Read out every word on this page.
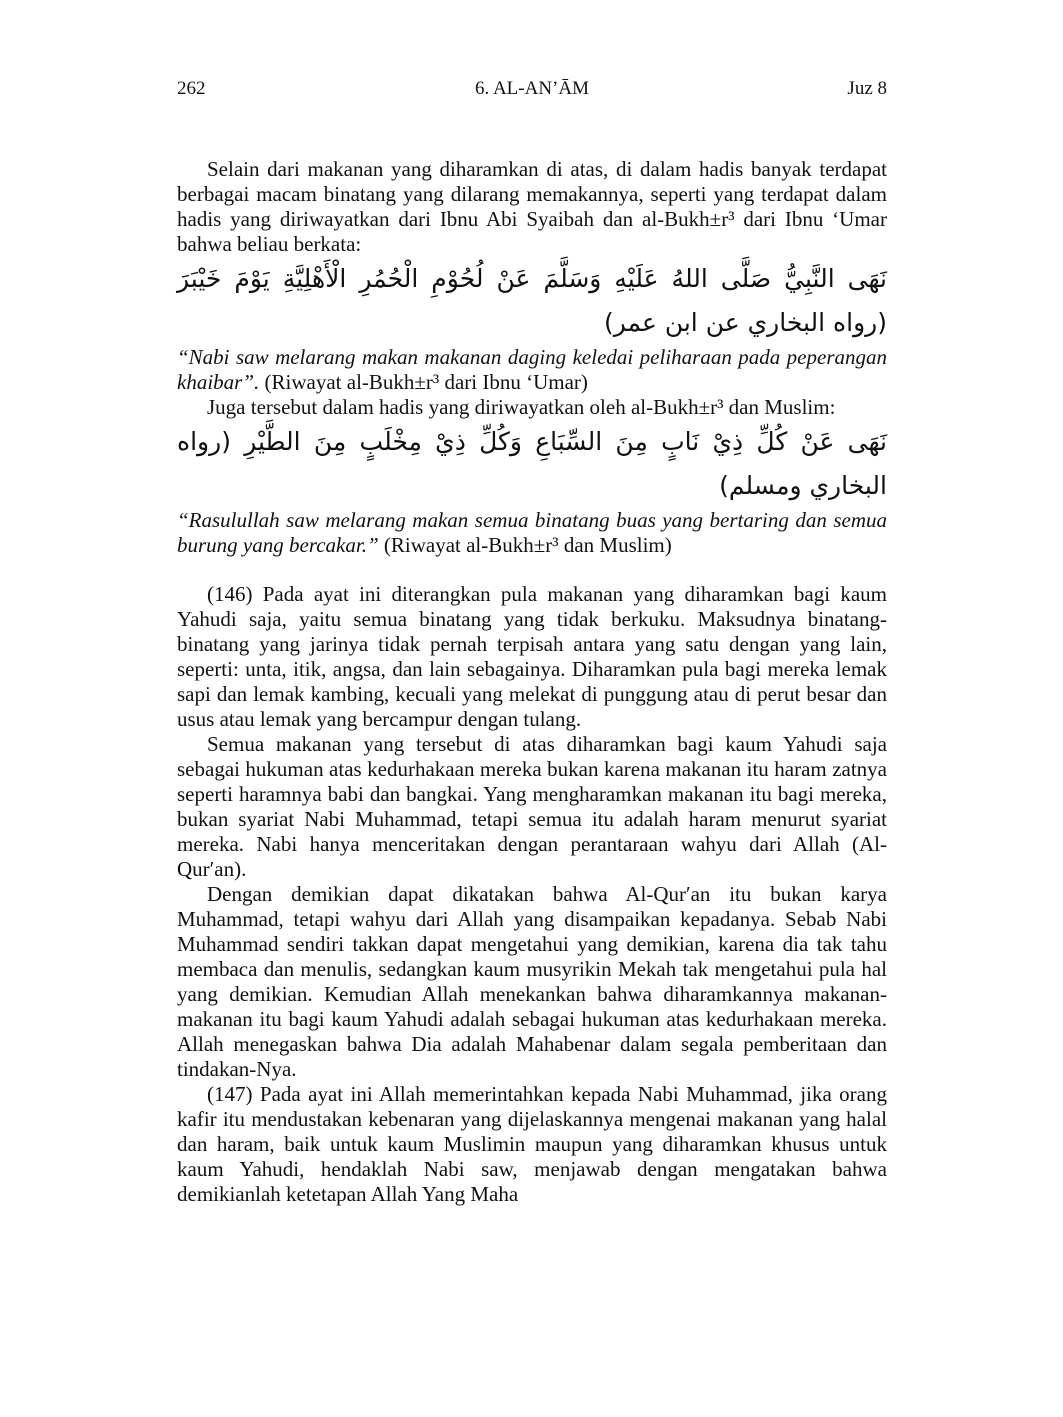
262	6. AL-AN’ĀM	Juz 8

Selain dari makanan yang diharamkan di atas, di dalam hadis banyak terdapat berbagai macam binatang yang dilarang memakannya, seperti yang terdapat dalam hadis yang diriwayatkan dari Ibnu Abi Syaibah dan al-Bukh±r³ dari Ibnu ‘Umar bahwa beliau berkata:

نَهَى النَّبِيُّ صَلَّى اللهُ عَلَيْهِ وَسَلَّمَ عَنْ لُحُوْمِ الْحُمُرِ الْأَهْلِيَّةِ يَوْمَ خَيْبَرَ (رواه البخاري عن ابن عمر)

“Nabi saw melarang makan makanan daging keledai peliharaan pada peperangan khaibar”. (Riwayat al-Bukh±r³ dari Ibnu ‘Umar)

Juga tersebut dalam hadis yang diriwayatkan oleh al-Bukh±r³ dan Muslim:

نَهَى عَنْ كُلِّ ذِيْ نَابٍ مِنَ السِّبَاعِ وَكُلِّ ذِيْ مِخْلَبٍ مِنَ الطَّيْرِ (رواه البخاري ومسلم)

“Rasulullah saw melarang makan semua binatang buas yang bertaring dan semua burung yang bercakar.” (Riwayat al-Bukh±r³ dan Muslim)

(146) Pada ayat ini diterangkan pula makanan yang diharamkan bagi kaum Yahudi saja, yaitu semua binatang yang tidak berkuku. Maksudnya binatang-binatang yang jarinya tidak pernah terpisah antara yang satu dengan yang lain, seperti: unta, itik, angsa, dan lain sebagainya. Diharamkan pula bagi mereka lemak sapi dan lemak kambing, kecuali yang melekat di punggung atau di perut besar dan usus atau lemak yang bercampur dengan tulang.

Semua makanan yang tersebut di atas diharamkan bagi kaum Yahudi saja sebagai hukuman atas kedurhakaan mereka bukan karena makanan itu haram zatnya seperti haramnya babi dan bangkai. Yang mengharamkan makanan itu bagi mereka, bukan syariat Nabi Muhammad, tetapi semua itu adalah haram menurut syariat mereka. Nabi hanya menceritakan dengan perantaraan wahyu dari Allah (Al-Qur′an).

Dengan demikian dapat dikatakan bahwa Al-Qur′an itu bukan karya Muhammad, tetapi wahyu dari Allah yang disampaikan kepadanya. Sebab Nabi Muhammad sendiri takkan dapat mengetahui yang demikian, karena dia tak tahu membaca dan menulis, sedangkan kaum musyrikin Mekah tak mengetahui pula hal yang demikian. Kemudian Allah menekankan bahwa diharamkannya makanan-makanan itu bagi kaum Yahudi adalah sebagai hukuman atas kedurhakaan mereka. Allah menegaskan bahwa Dia adalah Mahabenar dalam segala pemberitaan dan tindakan-Nya.

(147) Pada ayat ini Allah memerintahkan kepada Nabi Muhammad, jika orang kafir itu mendustakan kebenaran yang dijelaskannya mengenai makanan yang halal dan haram, baik untuk kaum Muslimin maupun yang diharamkan khusus untuk kaum Yahudi, hendaklah Nabi saw, menjawab dengan mengatakan bahwa demikianlah ketetapan Allah Yang Maha
